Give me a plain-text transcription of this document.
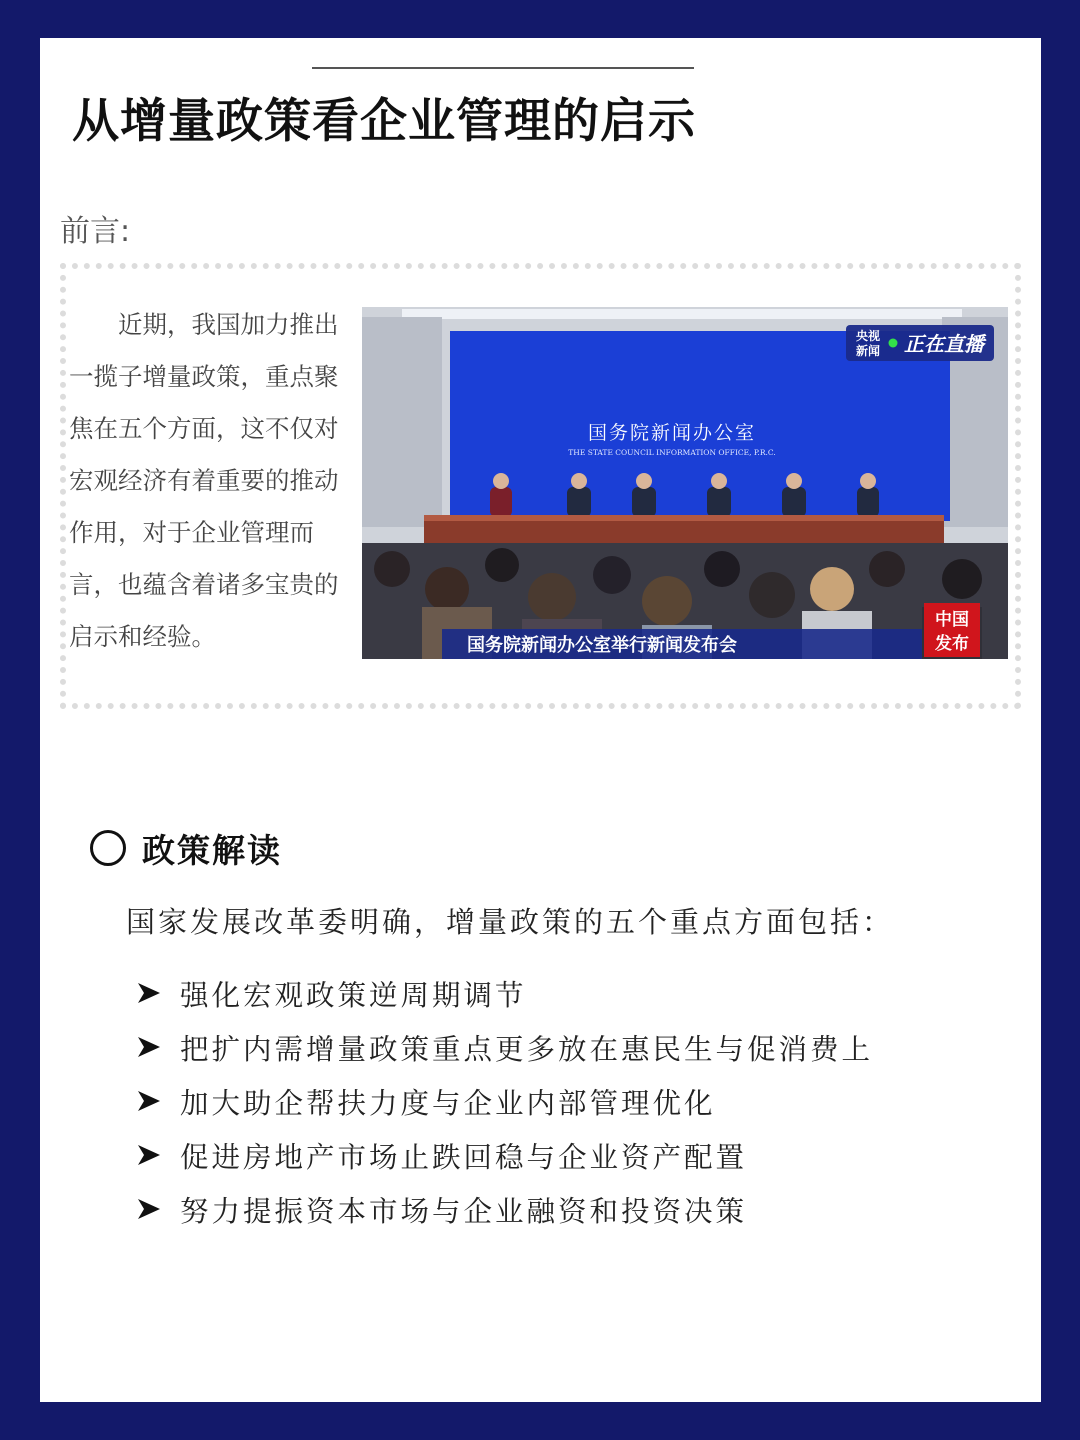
从增量政策看企业管理的启示
前言:

近期，我国加力推出一揽子增量政策，重点聚焦在五个方面，这不仅对宏观经济有着重要的推动作用，对于企业管理而言，也蕴含着诸多宝贵的启示和经验。

国务院新闻办公室
THE STATE COUNCIL INFORMATION OFFICE, P.R.C.
央视
新闻 正在直播
国务院新闻办公室举行新闻发布会
中国
发布
政策解读

国家发展改革委明确，增量政策的五个重点方面包括：

强化宏观政策逆周期调节
把扩内需增量政策重点更多放在惠民生与促消费上
加大助企帮扶力度与企业内部管理优化
促进房地产市场止跌回稳与企业资产配置
努力提振资本市场与企业融资和投资决策
